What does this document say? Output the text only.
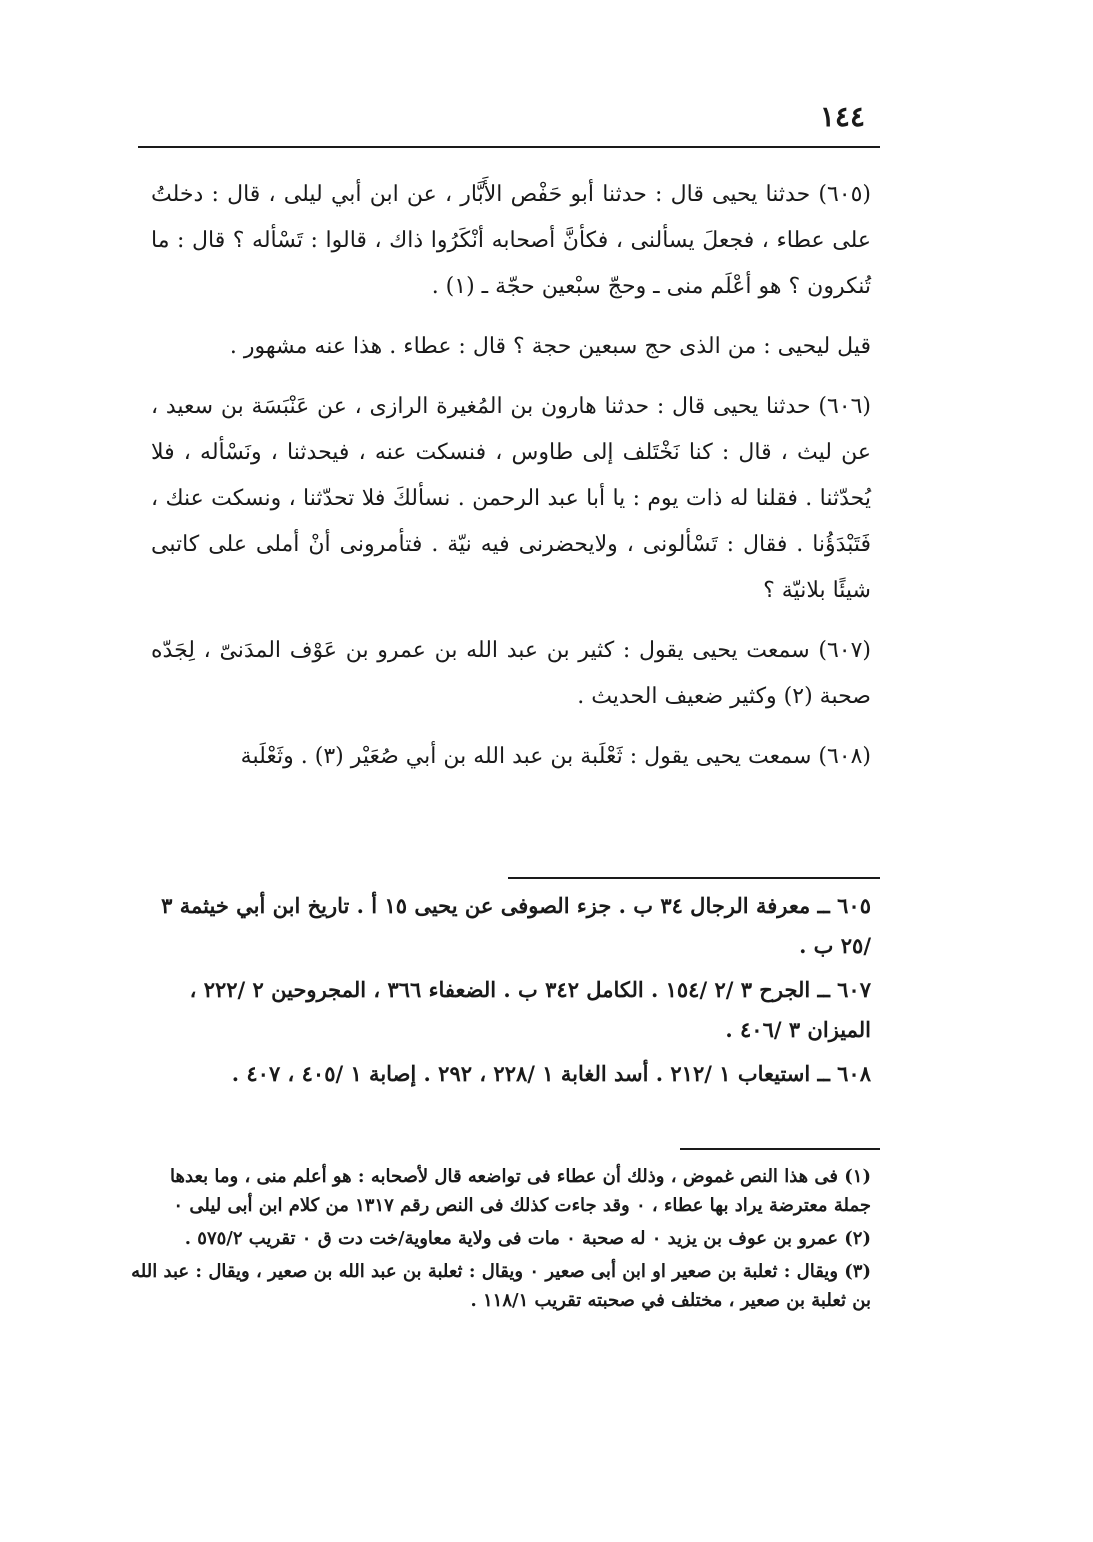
١٤٤

(٦٠٥) حدثنا يحيى قال : حدثنا أبو حَفْص الأَبَّار ، عن ابن أبي ليلى ، قال : دخلتُ على عطاء ، فجعلَ يسألنى ، فكأنَّ أصحابه أنْكَرُوا ذاك ، قالوا : تَسْأله ؟ قال : ما تُنكرون ؟ هو أعْلَم منى ـ وحجّ سبْعين حجّة ـ (١) .

قيل ليحيى : من الذى حج سبعين حجة ؟ قال : عطاء . هذا عنه مشهور .

(٦٠٦) حدثنا يحيى قال : حدثنا هارون بن المُغيرة الرازى ، عن عَنْبَسَة بن سعيد ، عن ليث ، قال : كنا نَخْتَلف إلى طاوس ، فنسكت عنه ، فيحدثنا ، ونَسْأله ، فلا يُحدّثنا . فقلنا له ذات يوم : يا أبا عبد الرحمن . نسألكَ فلا تحدّثنا ، ونسكت عنك ، فَتَبْدَؤُنا . فقال : تَسْألونى ، ولايحضرنى فيه نيّة . فتأمرونى أنْ أملى على كاتبى شيئًا بلانيّة ؟

(٦٠٧) سمعت يحيى يقول : كثير بن عبد الله بن عمرو بن عَوْف المدَنىّ ، لِجَدّه صحبة (٢) وكثير ضعيف الحديث .

(٦٠٨) سمعت يحيى يقول : ثَعْلَبة بن عبد الله بن أبي صُعَيْر (٣) . وثَعْلَبة

٦٠٥ ــ معرفة الرجال ٣٤ ب . جزء الصوفى عن يحيى ١٥ أ . تاريخ ابن أبي خيثمة ٣ /٢٥ ب .

٦٠٧ ــ الجرح ٣ /٢ /١٥٤ . الكامل ٣٤٢ ب . الضعفاء ٣٦٦ ، المجروحين ٢ /٢٢٢ ، الميزان ٣ /٤٠٦ .

٦٠٨ ــ استيعاب ١ /٢١٢ . أسد الغابة ١ /٢٢٨ ، ٢٩٢ . إصابة ١ /٤٠٥ ، ٤٠٧ .

(١) فى هذا النص غموض ، وذلك أن عطاء فى تواضعه قال لأصحابه : هو أعلم منى ، وما بعدها جملة معترضة يراد بها عطاء ، ٠ وقد جاءت كذلك فى النص رقم ١٣١٧ من كلام ابن أبى ليلى ٠

(٢) عمرو بن عوف بن يزيد ٠ له صحبة ٠ مات فى ولاية معاوية/خت دت ق ٠ تقريب ٥٧٥/٢ .

(٣) ويقال : ثعلبة بن صعير او ابن أبى صعير ٠ ويقال : ثعلبة بن عبد الله بن صعير ، ويقال : عبد الله بن ثعلبة بن صعير ، مختلف في صحبته تقريب ١١٨/١ .
